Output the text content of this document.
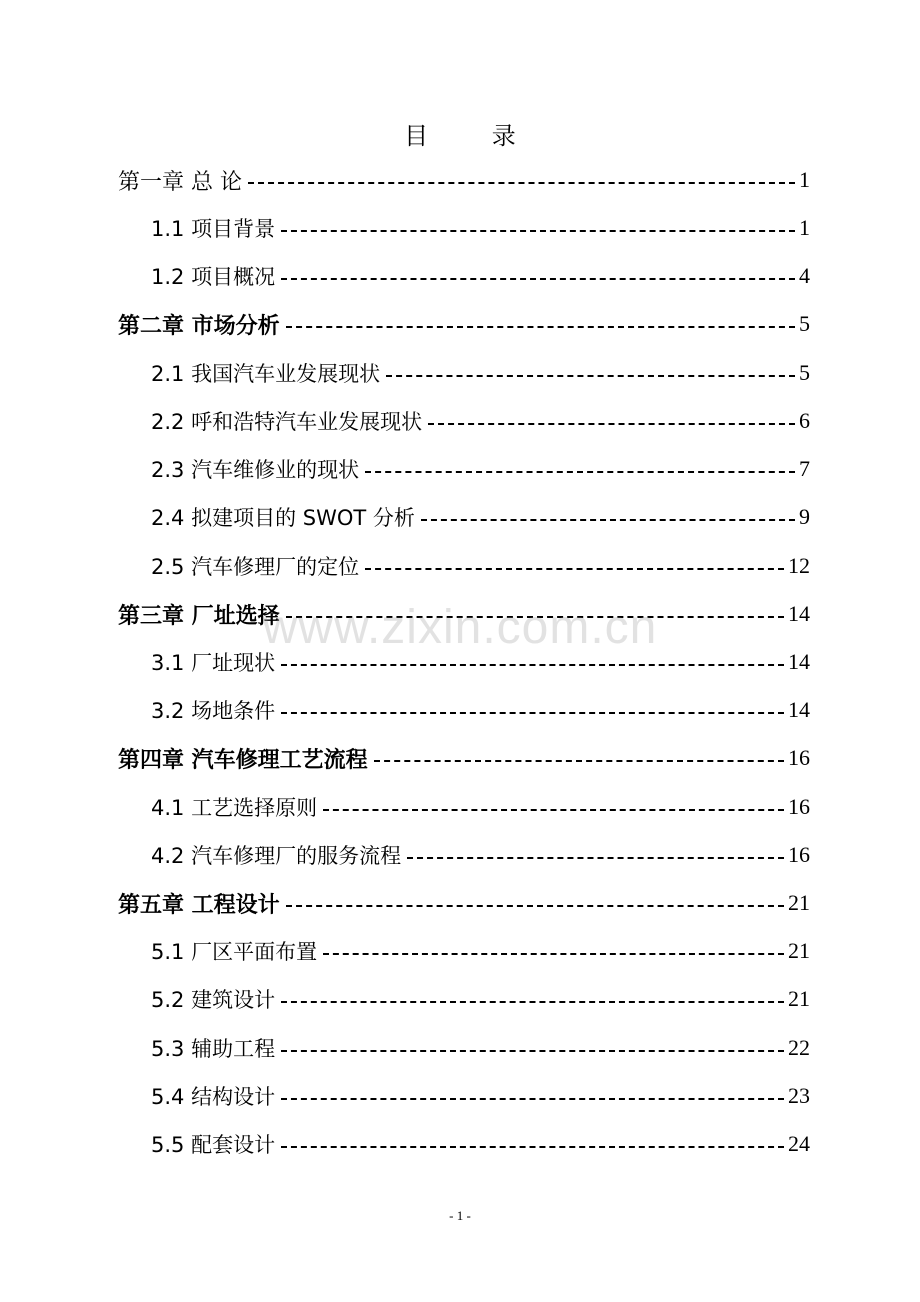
目 录
第一章 总 论	1
1.1 项目背景	1
1.2 项目概况	4
第二章 市场分析	5
2.1 我国汽车业发展现状	5
2.2 呼和浩特汽车业发展现状	6
2.3 汽车维修业的现状	7
2.4 拟建项目的 SWOT 分析	9
2.5 汽车修理厂的定位	12
第三章 厂址选择	14
3.1 厂址现状	14
3.2 场地条件	14
第四章 汽车修理工艺流程	16
4.1 工艺选择原则	16
4.2 汽车修理厂的服务流程	16
第五章 工程设计	21
5.1 厂区平面布置	21
5.2 建筑设计	21
5.3 辅助工程	22
5.4 结构设计	23
5.5 配套设计	24
www.zixin.com.cn
- 1 -
